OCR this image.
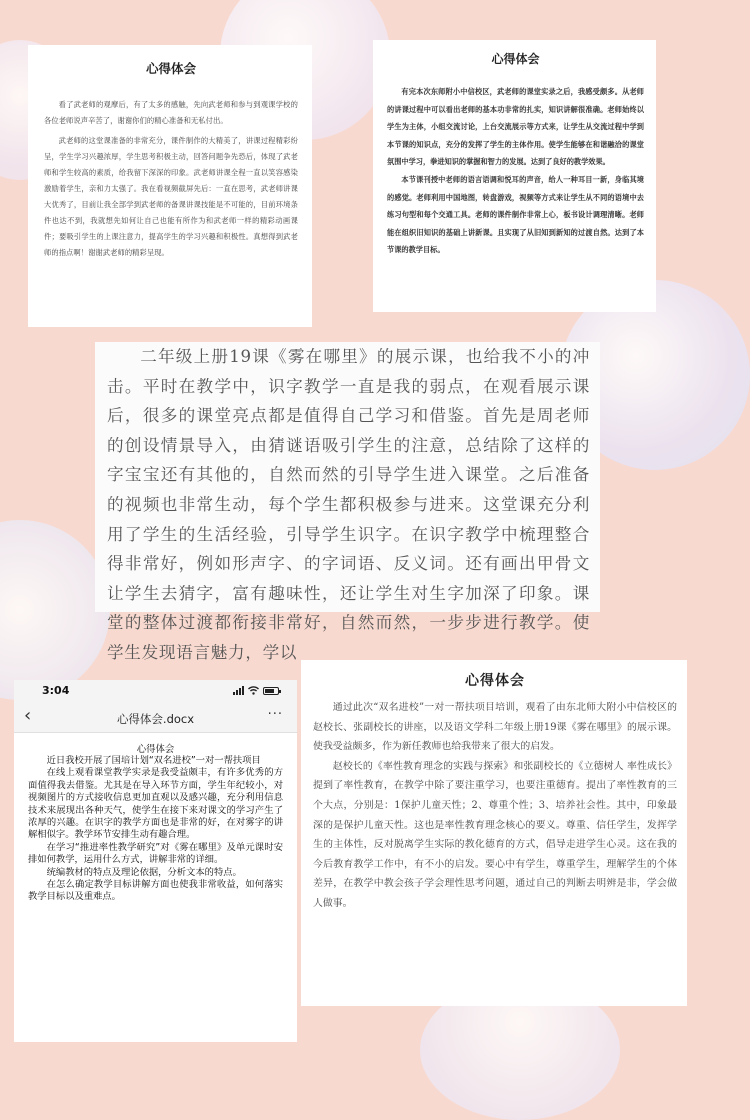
心得体会

看了武老师的观摩后，有了太多的感触，先向武老师和参与到观课学校的各位老师说声辛苦了，谢谢你们的精心准备和无私付出。

武老师的这堂课准备的非常充分，课件制作的大精美了，讲课过程精彩纷呈，学生学习兴趣浓厚，学生思考积极主动，回答问题争先恐后，体现了武老师和学生较高的素质，给我留下深深的印象。武老师讲课全程一直以笑容感染激励着学生，亲和力太强了。我在看视频截屏先后：一直在思考，武老师讲课大优秀了，目前让我全部学到武老师的备课讲课技能是不可能的，目前环境条件也达不到，我就想先如何让自己也能有所作为和武老师一样的精彩动画课件；要吸引学生的上课注意力，提高学生的学习兴趣和积极性。真想得到武老师的指点啊！谢谢武老师的精彩呈现。

心得体会

有完本次东师附小中信校区，武老师的课堂实录之后，我感受颇多。从老师的讲课过程中可以看出老师的基本功非常的扎实，知识讲解很准确。老师始终以学生为主体，小组交流讨论，上台交流展示等方式来，让学生从交流过程中学到本节课的知识点，充分的发挥了学生的主体作用。使学生能够在和谐融洽的课堂氛围中学习，拳进知识的掌握和智力的发展。达到了良好的教学效果。

本节课刊授中老师的语言语调和悦耳的声音，给人一种耳目一新，身临其境的感觉。老师利用中国地图，转盘游戏，视频等方式来让学生从不同的语境中去练习句型和每个交通工具。老师的课件制作非常上心，板书设计调理清晰。老师能在组织旧知识的基础上讲新课。且实现了从旧知到新知的过渡自然。达到了本节课的教学目标。

二年级上册19课《雾在哪里》的展示课，也给我不小的冲击。平时在教学中，识字教学一直是我的弱点，在观看展示课后，很多的课堂亮点都是值得自己学习和借鉴。首先是周老师的创设情景导入，由猜谜语吸引学生的注意，总结除了这样的字宝宝还有其他的，自然而然的引导学生进入课堂。之后准备的视频也非常生动，每个学生都积极参与进来。这堂课充分利用了学生的生活经验，引导学生识字。在识字教学中梳理整合得非常好，例如形声字、的字词语、反义词。还有画出甲骨文让学生去猜字，富有趣味性，还让学生对生字加深了印象。课堂的整体过渡都衔接非常好，自然而然，一步步进行教学。使学生发现语言魅力，学以

3:04
‹	心得体会.docx	···
心得体会

近日我校开展了国培计划“双名进校”一对一帮扶项目

在线上观看课堂教学实录是我受益颇丰，有许多优秀的方面值得我去借鉴。尤其是在导入环节方面，学生年纪较小，对视频图片的方式接收信息更加直观以及感兴趣，充分利用信息技术来展现出各种天气，使学生在接下来对课文的学习产生了浓厚的兴趣。在识字的教学方面也是非常的好，在对雾字的讲解相似字。教学环节安排生动有趣合理。

在学习“推进率性教学研究”对《雾在哪里》及单元课时安排如何教学，运用什么方式，讲解非常的详细。

统编教材的特点及理论依据，分析文本的特点。

在怎么确定教学目标讲解方面也使我非常收益，如何落实教学目标以及重难点。

心得体会

通过此次“双名进校”一对一帮扶项目培训，观看了由东北师大附小中信校区的赵校长、张副校长的讲座，以及语文学科二年级上册19课《雾在哪里》的展示课。使我受益颇多，作为新任教师也给我带来了很大的启发。

赵校长的《率性教育理念的实践与探索》和张副校长的《立德树人 率性成长》提到了率性教育，在教学中除了要注重学习，也要注重德育。提出了率性教育的三个大点，分别是：1保护儿童天性；2、尊重个性；3、培养社会性。其中，印象最深的是保护儿童天性。这也是率性教育理念核心的要义。尊重、信任学生，发挥学生的主体性，反对脱离学生实际的教化德育的方式，倡导走进学生心灵。这在我的今后教育教学工作中，有不小的启发。要心中有学生，尊重学生，理解学生的个体差异，在教学中教会孩子学会理性思考问题，通过自己的判断去明辨是非，学会做人做事。
